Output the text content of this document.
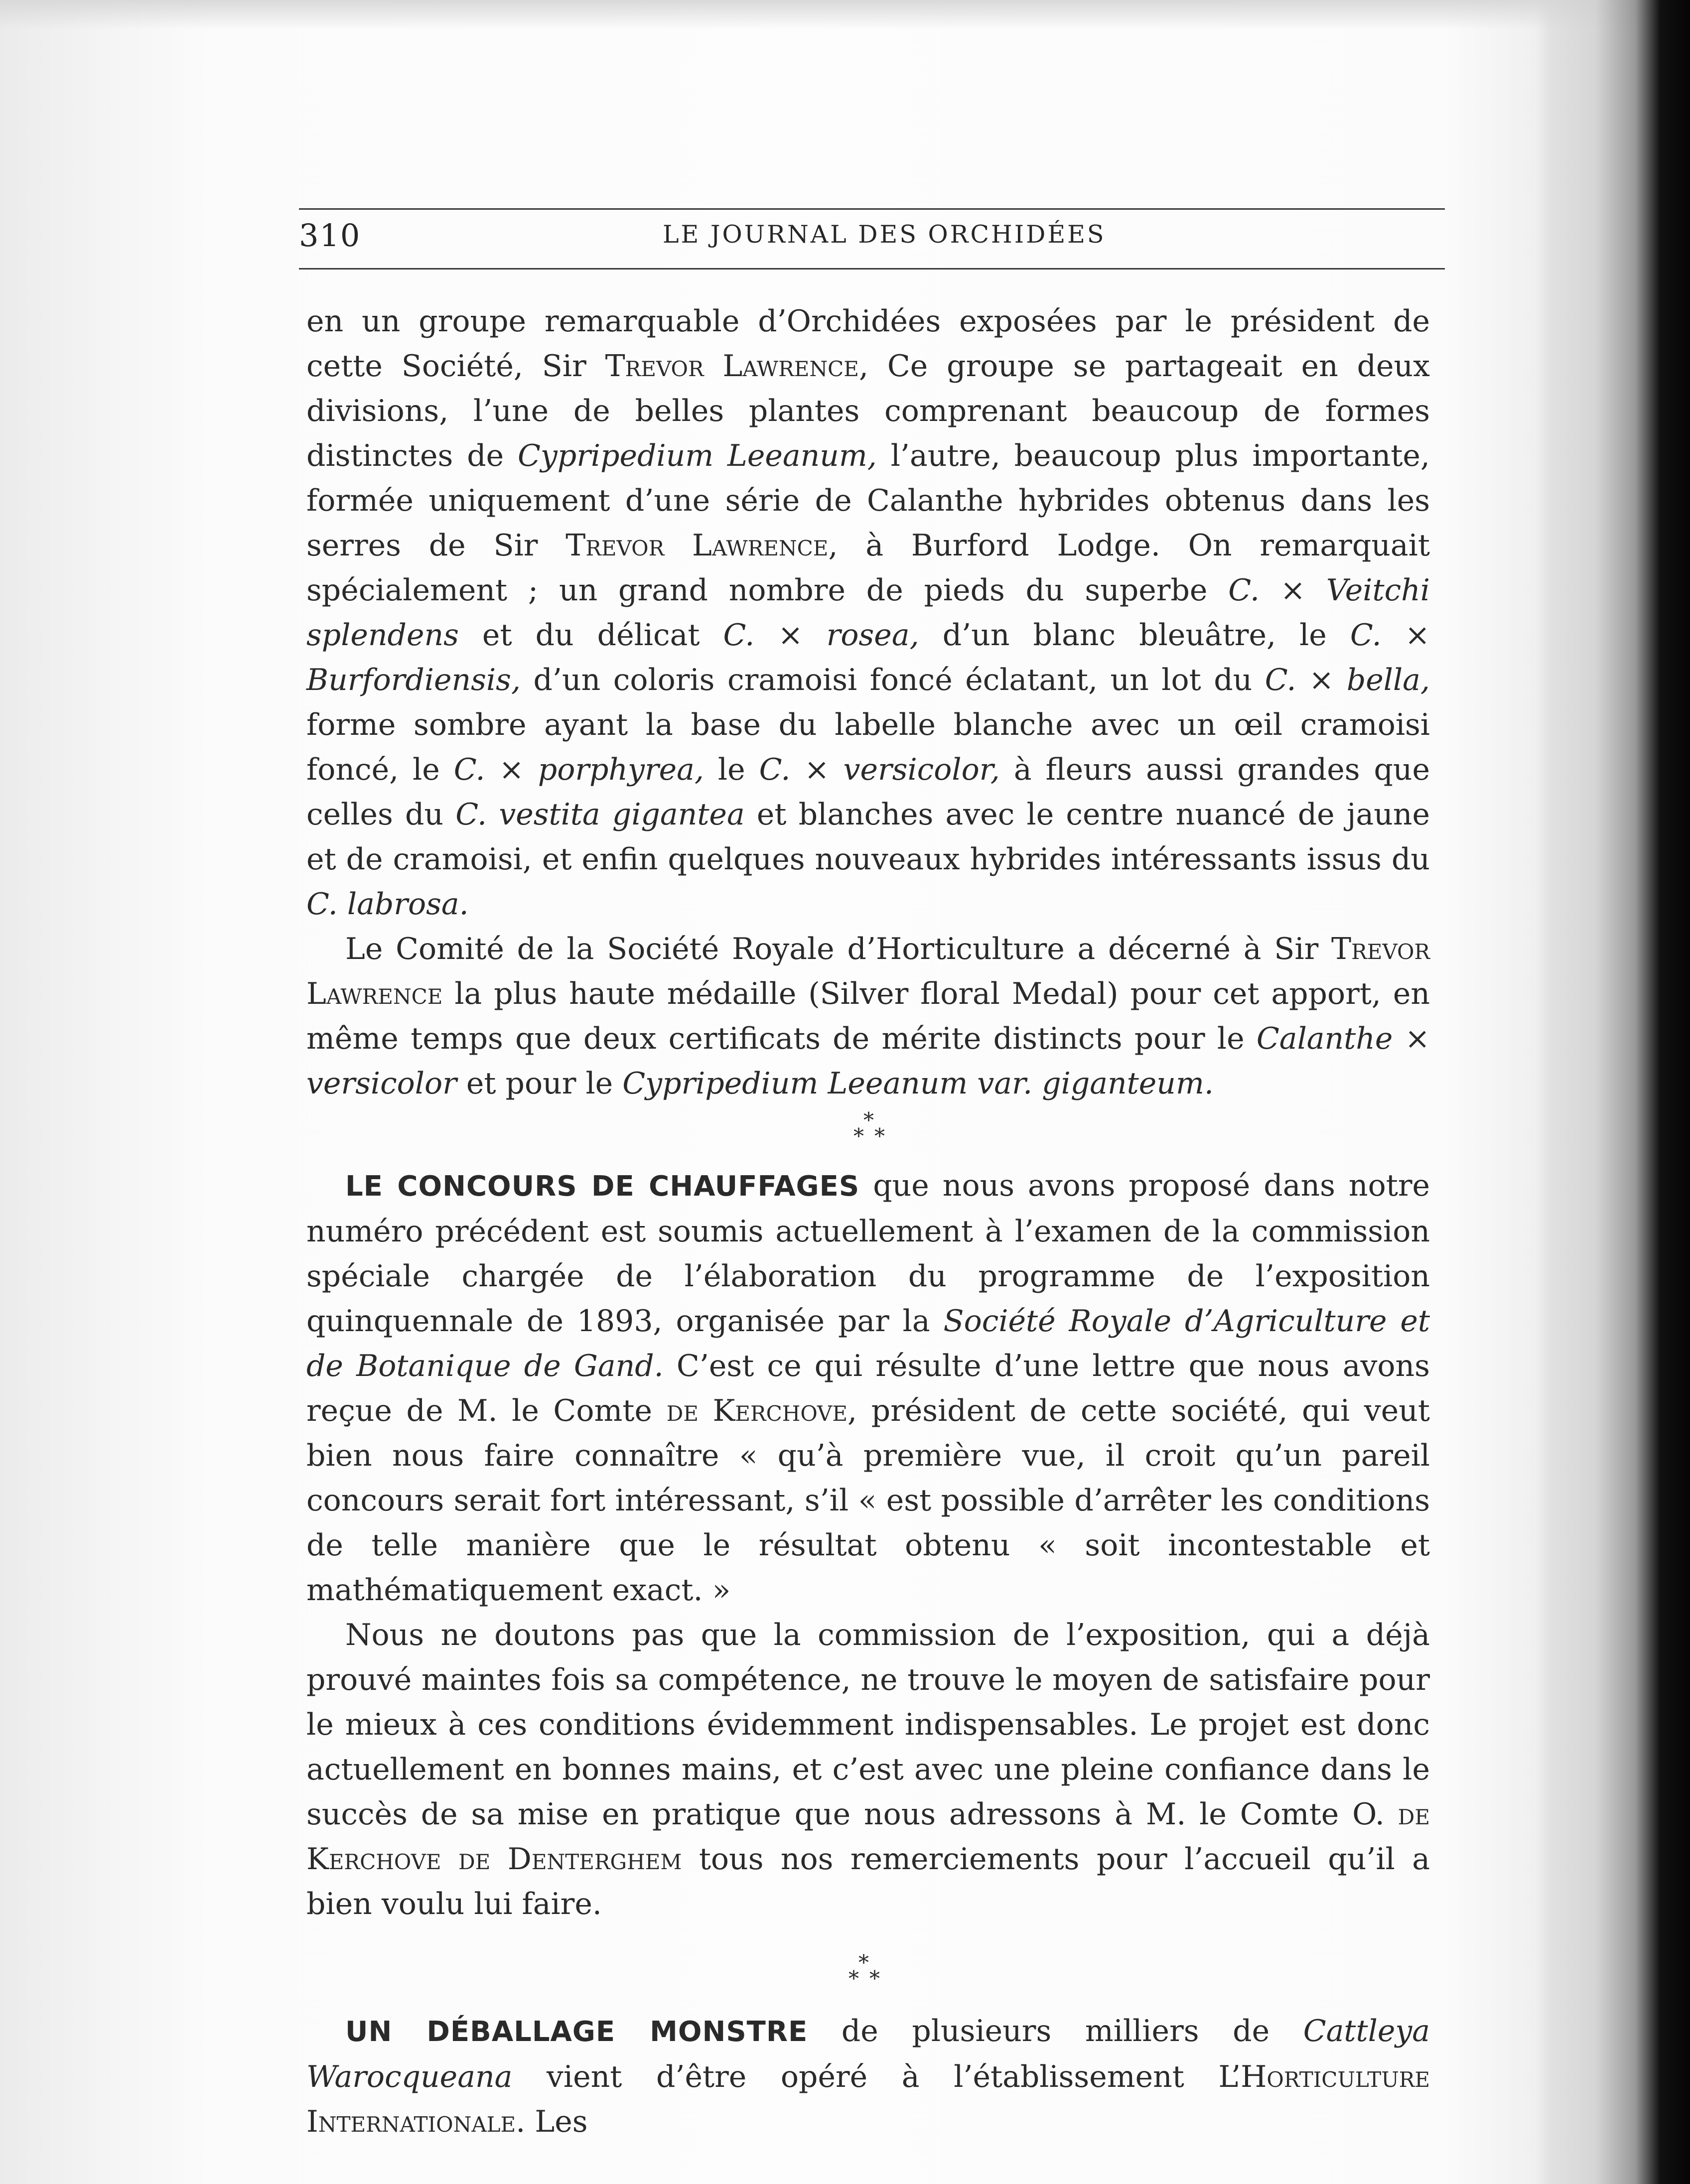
310	LE JOURNAL DES ORCHIDÉES

en un groupe remarquable d’Orchidées exposées par le président de cette Société, Sir Trevor Lawrence, Ce groupe se partageait en deux divisions, l’une de belles plantes comprenant beaucoup de formes distinctes de Cypripedium Leeanum, l’autre, beaucoup plus importante, formée uniquement d’une série de Calanthe hybrides obtenus dans les serres de Sir Trevor Lawrence, à Burford Lodge. On remarquait spécialement ; un grand nombre de pieds du superbe C. × Veitchi splendens et du délicat C. × rosea, d’un blanc bleuâtre, le C. × Burfordiensis, d’un coloris cramoisi foncé éclatant, un lot du C. × bella, forme sombre ayant la base du labelle blanche avec un œil cramoisi foncé, le C. × porphyrea, le C. × versicolor, à fleurs aussi grandes que celles du C. vestita gigantea et blanches avec le centre nuancé de jaune et de cramoisi, et enfin quelques nouveaux hybrides intéressants issus du C. labrosa.

Le Comité de la Société Royale d’Horticulture a décerné à Sir Trevor Lawrence la plus haute médaille (Silver floral Medal) pour cet apport, en même temps que deux certificats de mérite distincts pour le Calanthe × versicolor et pour le Cypripedium Leeanum var. giganteum.

*
* *

LE CONCOURS DE CHAUFFAGES que nous avons proposé dans notre numéro précédent est soumis actuellement à l’examen de la commission spéciale chargée de l’élaboration du programme de l’exposition quinquennale de 1893, organisée par la Société Royale d’Agriculture et de Botanique de Gand. C’est ce qui résulte d’une lettre que nous avons reçue de M. le Comte de Kerchove, président de cette société, qui veut bien nous faire connaître « qu’à première vue, il croit qu’un pareil concours serait fort intéressant, s’il « est possible d’arrêter les conditions de telle manière que le résultat obtenu « soit incontestable et mathématiquement exact. »

Nous ne doutons pas que la commission de l’exposition, qui a déjà prouvé maintes fois sa compétence, ne trouve le moyen de satisfaire pour le mieux à ces conditions évidemment indispensables. Le projet est donc actuellement en bonnes mains, et c’est avec une pleine confiance dans le succès de sa mise en pratique que nous adressons à M. le Comte O. de Kerchove de Denterghem tous nos remerciements pour l’accueil qu’il a bien voulu lui faire.

*
* *

UN DÉBALLAGE MONSTRE de plusieurs milliers de Cattleya Warocqueana vient d’être opéré à l’établissement L’Horticulture Internationale. Les
